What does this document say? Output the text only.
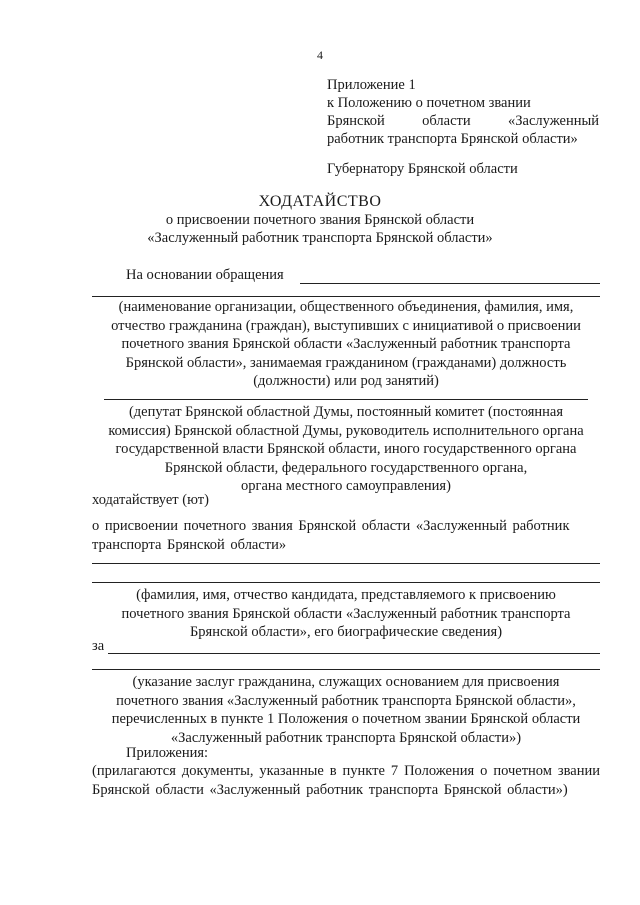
4
Приложение 1
к Положению о почетном звании
Брянской	области	«Заслуженный
работник транспорта Брянской области»
Губернатору Брянской области
ХОДАТАЙСТВО
о присвоении почетного звания Брянской области
«Заслуженный работник транспорта Брянской области»
На основании обращения
(наименование организации, общественного объединения, фамилия, имя,
отчество гражданина (граждан), выступивших с инициативой о присвоении
почетного звания Брянской области «Заслуженный работник транспорта
Брянской области», занимаемая гражданином (гражданами) должность
(должности) или род занятий)
(депутат Брянской областной Думы, постоянный комитет (постоянная
комиссия) Брянской областной Думы, руководитель исполнительного органа
государственной власти Брянской области, иного государственного органа
Брянской области, федерального государственного органа,
органа местного самоуправления)
ходатайствует (ют)
о присвоении почетного звания Брянской области «Заслуженный работник
транспорта Брянской области»
(фамилия, имя, отчество кандидата, представляемого к присвоению
почетного звания Брянской области «Заслуженный работник транспорта
Брянской области», его биографические сведения)
за
(указание заслуг гражданина, служащих основанием для присвоения
почетного звания «Заслуженный работник транспорта Брянской области»,
перечисленных в пункте 1 Положения о почетном звании Брянской области
«Заслуженный работник транспорта Брянской области»)
Приложения:
(прилагаются документы, указанные в пункте 7 Положения о почетном звании Брянской области «Заслуженный работник транспорта Брянской области»)
